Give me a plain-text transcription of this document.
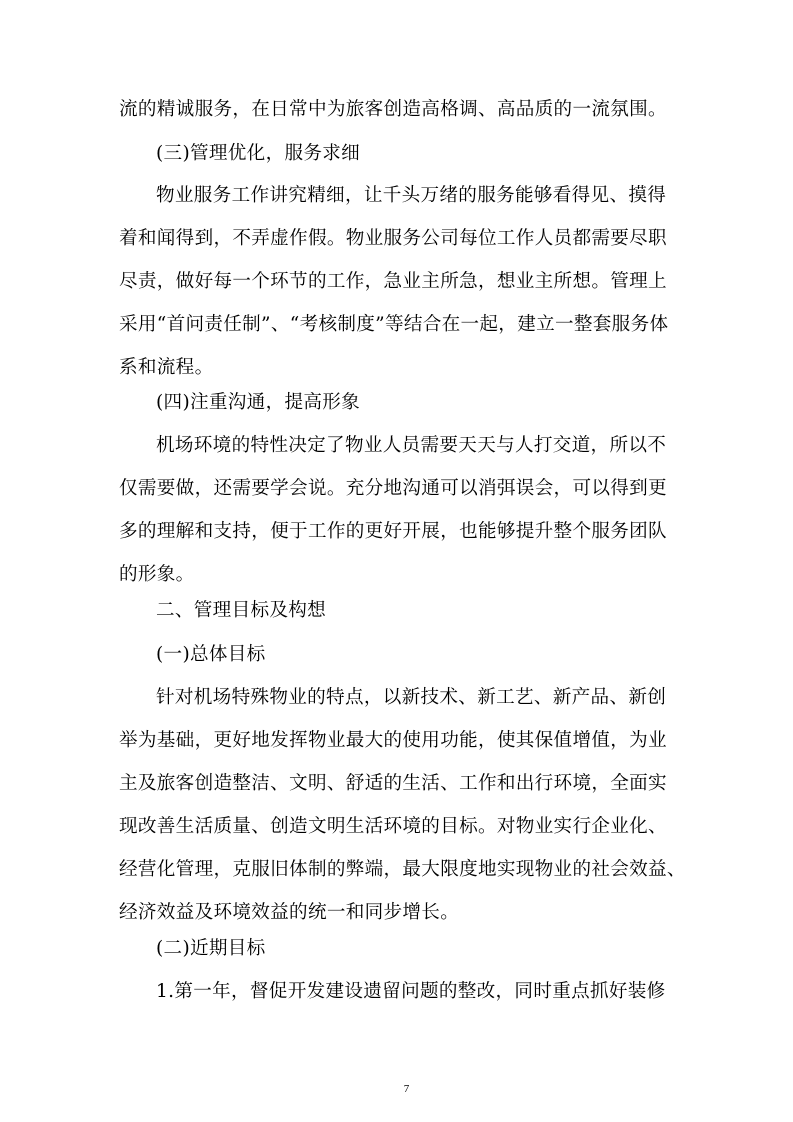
流的精诚服务，在日常中为旅客创造高格调、高品质的一流氛围。
(三)管理优化，服务求细
物业服务工作讲究精细，让千头万绪的服务能够看得见、摸得
着和闻得到，不弄虚作假。物业服务公司每位工作人员都需要尽职
尽责，做好每一个环节的工作，急业主所急，想业主所想。管理上
采用“首问责任制”、“考核制度”等结合在一起，建立一整套服务体
系和流程。
(四)注重沟通，提高形象
机场环境的特性决定了物业人员需要天天与人打交道，所以不
仅需要做，还需要学会说。充分地沟通可以消弭误会，可以得到更
多的理解和支持，便于工作的更好开展，也能够提升整个服务团队
的形象。
二、管理目标及构想
(一)总体目标
针对机场特殊物业的特点，以新技术、新工艺、新产品、新创
举为基础，更好地发挥物业最大的使用功能，使其保值增值，为业
主及旅客创造整洁、文明、舒适的生活、工作和出行环境，全面实
现改善生活质量、创造文明生活环境的目标。对物业实行企业化、
经营化管理，克服旧体制的弊端，最大限度地实现物业的社会效益、
经济效益及环境效益的统一和同步增长。
(二)近期目标
1.第一年，督促开发建设遗留问题的整改，同时重点抓好装修
7
